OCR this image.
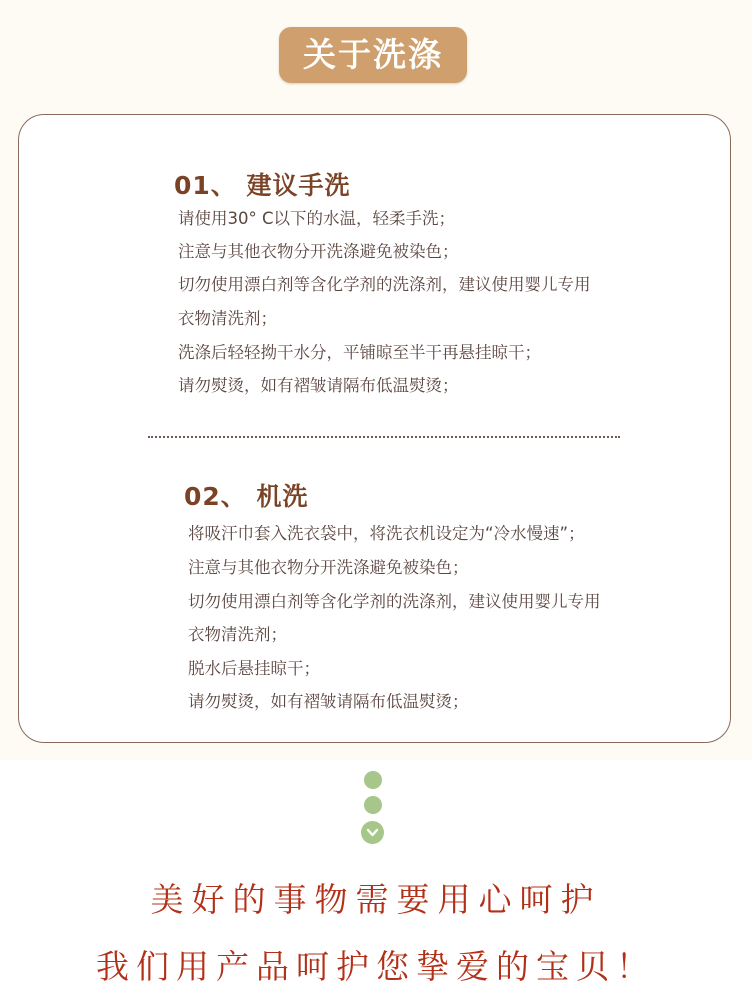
关于洗涤
01、 建议手洗
请使用30° C以下的水温，轻柔手洗；
注意与其他衣物分开洗涤避免被染色；
切勿使用漂白剂等含化学剂的洗涤剂，建议使用婴儿专用
衣物清洗剂；
洗涤后轻轻拗干水分，平铺晾至半干再悬挂晾干；
请勿熨烫，如有褶皱请隔布低温熨烫；
02、 机洗
将吸汗巾套入洗衣袋中，将洗衣机设定为“冷水慢速”；
注意与其他衣物分开洗涤避免被染色；
切勿使用漂白剂等含化学剂的洗涤剂，建议使用婴儿专用
衣物清洗剂；
脱水后悬挂晾干；
请勿熨烫，如有褶皱请隔布低温熨烫；
美好的事物需要用心呵护
我们用产品呵护您挚爱的宝贝！
